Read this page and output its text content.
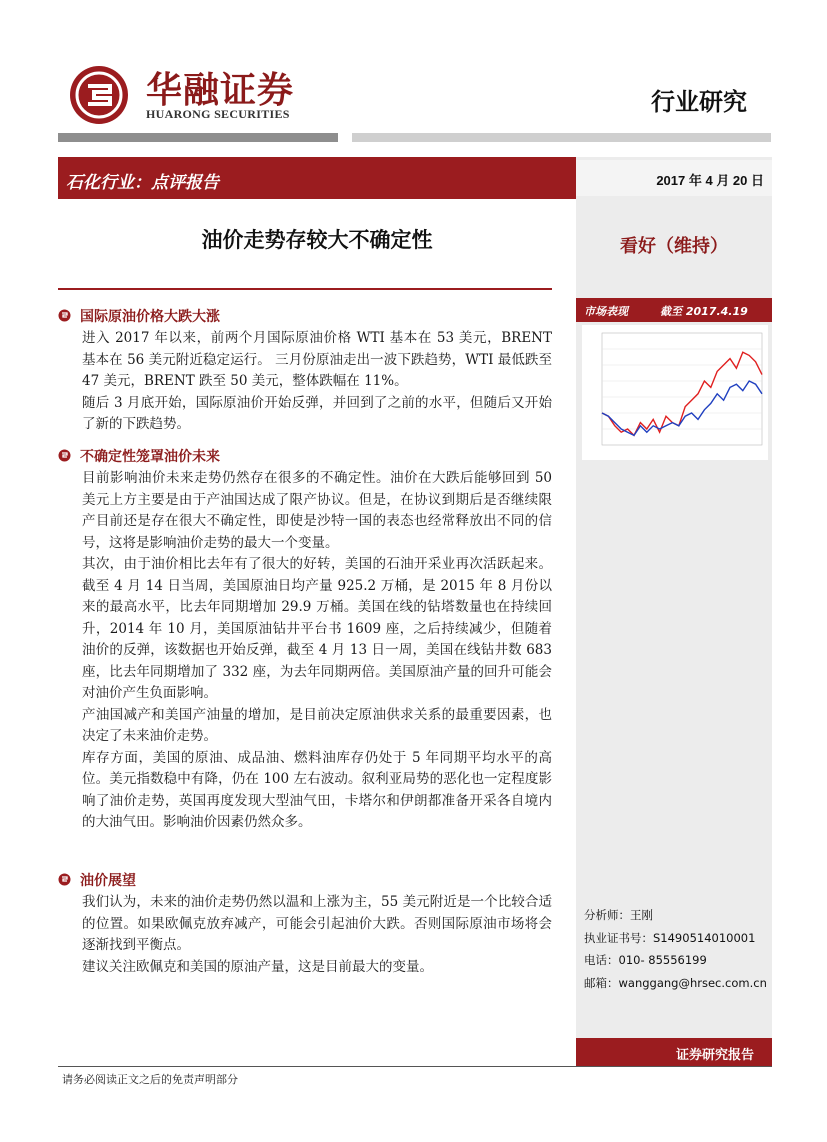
华融证券
HUARONG SECURITIES	行业研究
石化行业：点评报告	2017 年 4 月 20 日
油价走势存较大不确定性	看好（维持）
市场表现	截至 2017.4.19
国际原油价格大跌大涨

进入 2017 年以来，前两个月国际原油价格 WTI 基本在 53 美元，BRENT 基本在 56 美元附近稳定运行。 三月份原油走出一波下跌趋势，WTI 最低跌至 47 美元，BRENT 跌至 50 美元，整体跌幅在 11%。

随后 3 月底开始，国际原油价开始反弹，并回到了之前的水平，但随后又开始了新的下跌趋势。

不确定性笼罩油价未来

目前影响油价未来走势仍然存在很多的不确定性。油价在大跌后能够回到 50 美元上方主要是由于产油国达成了限产协议。但是，在协议到期后是否继续限产目前还是存在很大不确定性，即使是沙特一国的表态也经常释放出不同的信号，这将是影响油价走势的最大一个变量。

其次，由于油价相比去年有了很大的好转，美国的石油开采业再次活跃起来。截至 4 月 14 日当周，美国原油日均产量 925.2 万桶，是 2015 年 8 月份以来的最高水平，比去年同期增加 29.9 万桶。美国在线的钻塔数量也在持续回升，2014 年 10 月，美国原油钻井平台书 1609 座，之后持续减少，但随着油价的反弹，该数据也开始反弹，截至 4 月 13 日一周，美国在线钻井数 683 座，比去年同期增加了 332 座，为去年同期两倍。美国原油产量的回升可能会对油价产生负面影响。

产油国减产和美国产油量的增加，是目前决定原油供求关系的最重要因素，也决定了未来油价走势。

库存方面，美国的原油、成品油、燃料油库存仍处于 5 年同期平均水平的高位。美元指数稳中有降，仍在 100 左右波动。叙利亚局势的恶化也一定程度影响了油价走势，英国再度发现大型油气田，卡塔尔和伊朗都准备开采各自境内的大油气田。影响油价因素仍然众多。

油价展望

我们认为，未来的油价走势仍然以温和上涨为主，55 美元附近是一个比较合适的位置。如果欧佩克放弃减产，可能会引起油价大跌。否则国际原油市场将会逐渐找到平衡点。

建议关注欧佩克和美国的原油产量，这是目前最大的变量。

分析师：王刚
执业证书号：S1490514010001
电话：010- 85556199
邮箱：wanggang@hrsec.com.cn
证券研究报告
请务必阅读正文之后的免责声明部分
